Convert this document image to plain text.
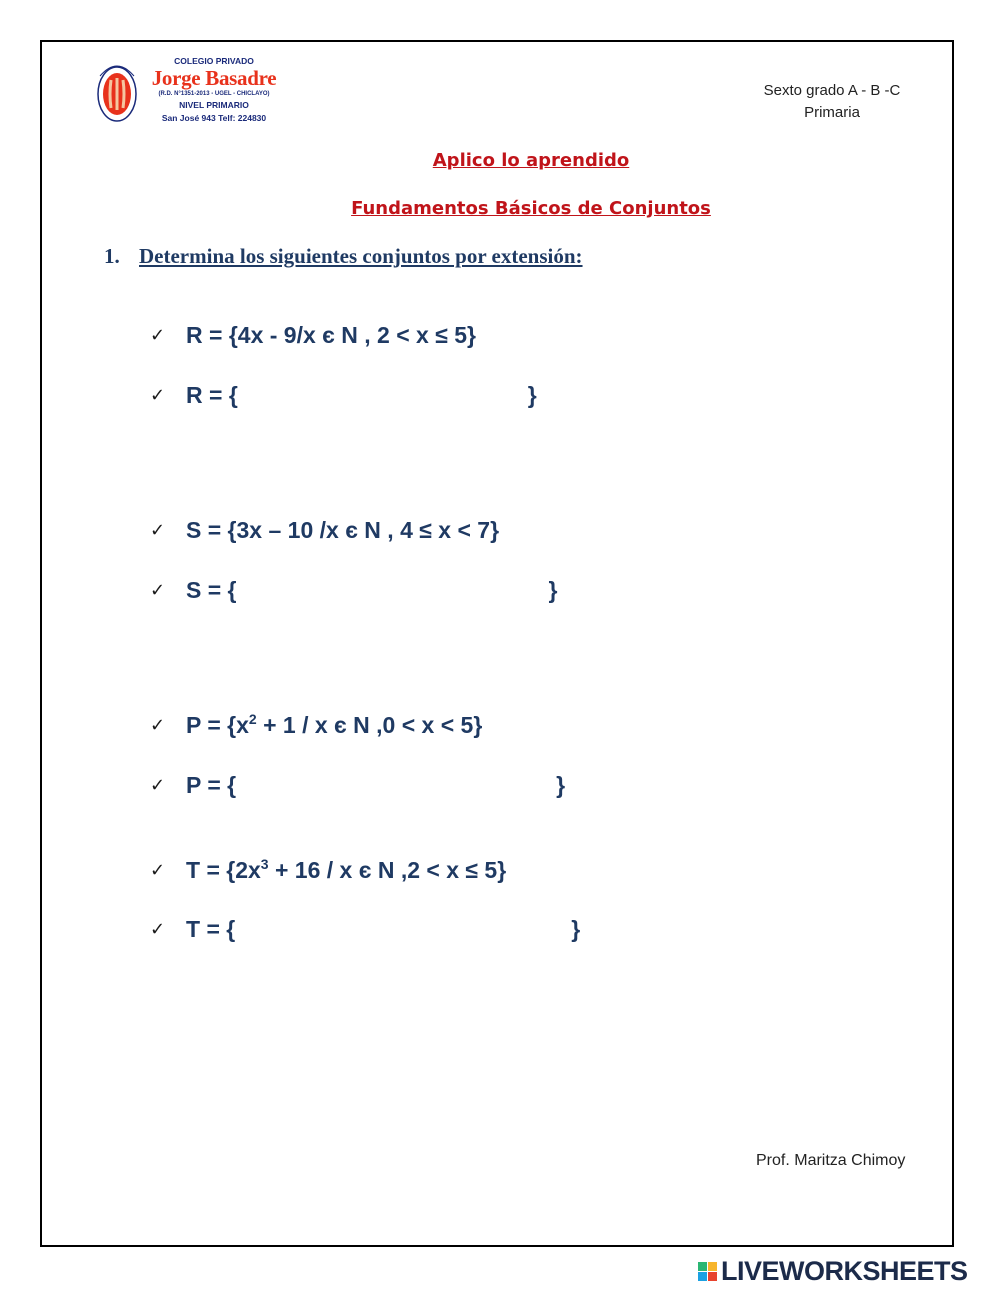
COLEGIO PRIVADO
Jorge Basadre
(R.D. N°1351-2013 - UGEL - CHICLAYO)
NIVEL PRIMARIO
San José 943 Telf: 224830
Sexto grado A - B -C
Primaria
Aplico lo aprendido
Fundamentos Básicos de Conjuntos
1. Determina los siguientes conjuntos por extensión:
✓ R = {4x - 9/x є N , 2 < x ≤ 5}
✓ R = {	}
✓ S = {3x – 10 /x є N , 4 ≤ x < 7}
✓ S = {	}
✓ $P = \{x^2 + 1 / x$ є N ,0 < x < 5}
✓ P = {	}
✓ $T = \{2x^3 + 16 / x$ є N ,2 < x ≤ 5}
✓ T = {	}
Prof. Maritza Chimoy
LIVEWORKSHEETS
